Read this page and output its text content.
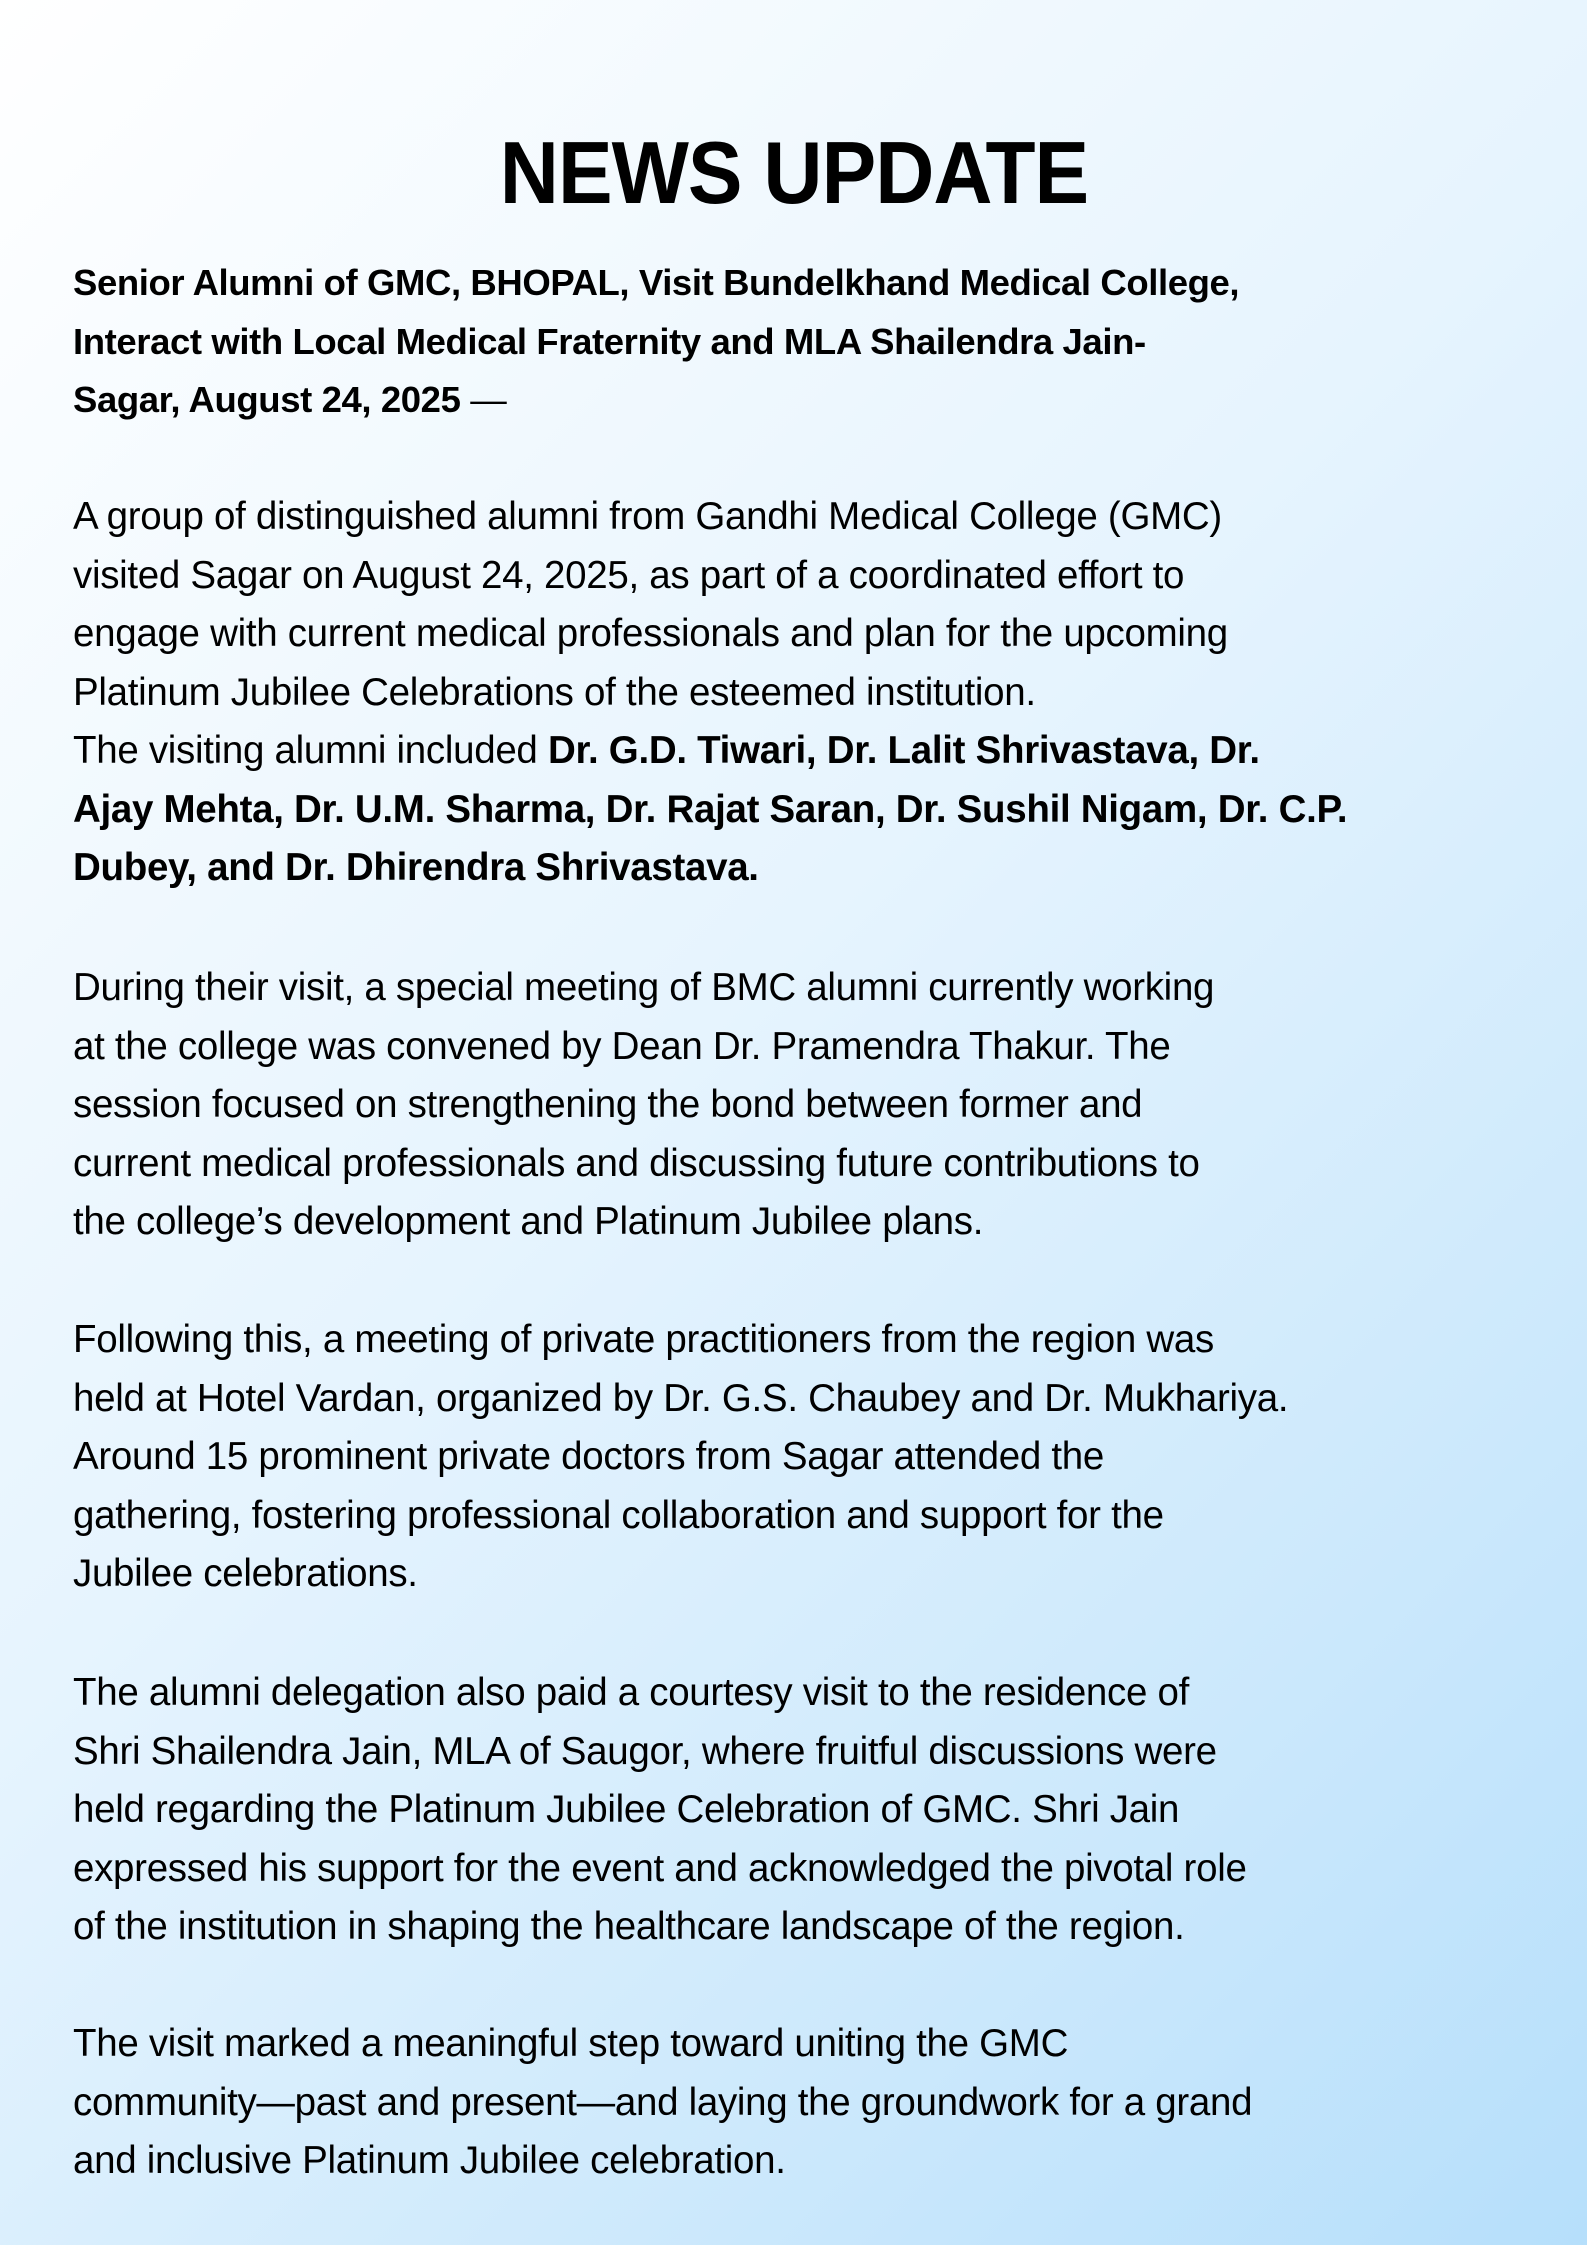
NEWS UPDATE
Senior Alumni of GMC, BHOPAL, Visit Bundelkhand Medical College,
Interact with Local Medical Fraternity and MLA Shailendra Jain-
Sagar, August 24, 2025 —

A group of distinguished alumni from Gandhi Medical College (GMC)
visited Sagar on August 24, 2025, as part of a coordinated effort to
engage with current medical professionals and plan for the upcoming
Platinum Jubilee Celebrations of the esteemed institution.
The visiting alumni included Dr. G.D. Tiwari, Dr. Lalit Shrivastava, Dr.
Ajay Mehta, Dr. U.M. Sharma, Dr. Rajat Saran, Dr. Sushil Nigam, Dr. C.P.
Dubey, and Dr. Dhirendra Shrivastava.

During their visit, a special meeting of BMC alumni currently working
at the college was convened by Dean Dr. Pramendra Thakur. The
session focused on strengthening the bond between former and
current medical professionals and discussing future contributions to
the college’s development and Platinum Jubilee plans.

Following this, a meeting of private practitioners from the region was
held at Hotel Vardan, organized by Dr. G.S. Chaubey and Dr. Mukhariya.
Around 15 prominent private doctors from Sagar attended the
gathering, fostering professional collaboration and support for the
Jubilee celebrations.

The alumni delegation also paid a courtesy visit to the residence of
Shri Shailendra Jain, MLA of Saugor, where fruitful discussions were
held regarding the Platinum Jubilee Celebration of GMC. Shri Jain
expressed his support for the event and acknowledged the pivotal role
of the institution in shaping the healthcare landscape of the region.

The visit marked a meaningful step toward uniting the GMC
community—past and present—and laying the groundwork for a grand
and inclusive Platinum Jubilee celebration.
